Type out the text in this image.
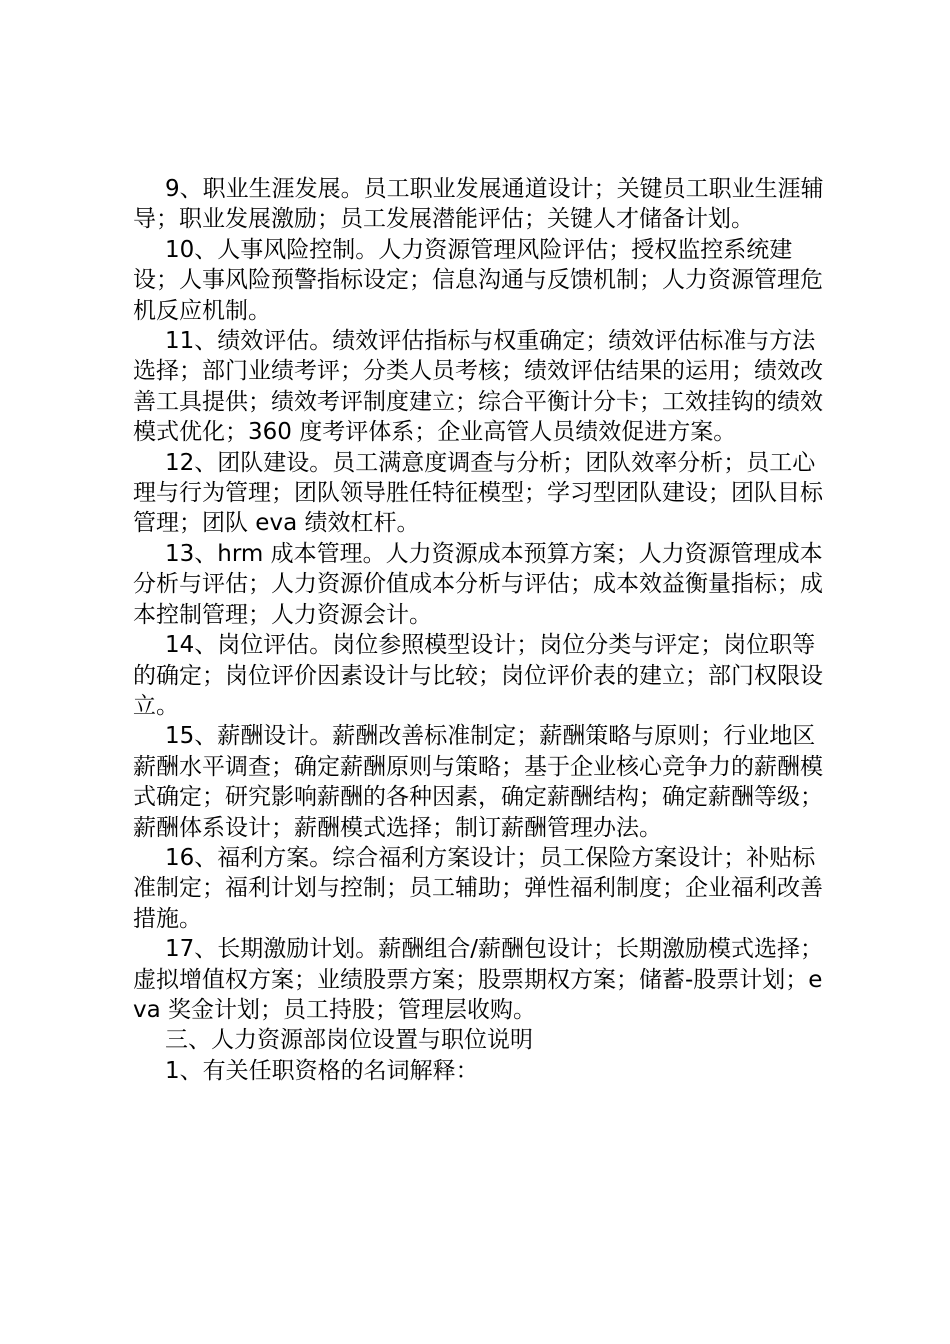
9、职业生涯发展。员工职业发展通道设计；关键员工职业生涯辅导；职业发展激励；员工发展潜能评估；关键人才储备计划。

10、人事风险控制。人力资源管理风险评估；授权监控系统建设；人事风险预警指标设定；信息沟通与反馈机制；人力资源管理危机反应机制。

11、绩效评估。绩效评估指标与权重确定；绩效评估标准与方法选择；部门业绩考评；分类人员考核；绩效评估结果的运用；绩效改善工具提供；绩效考评制度建立；综合平衡计分卡；工效挂钩的绩效模式优化；360 度考评体系；企业高管人员绩效促进方案。

12、团队建设。员工满意度调查与分析；团队效率分析；员工心理与行为管理；团队领导胜任特征模型；学习型团队建设；团队目标管理；团队 eva 绩效杠杆。

13、hrm 成本管理。人力资源成本预算方案；人力资源管理成本分析与评估；人力资源价值成本分析与评估；成本效益衡量指标；成本控制管理；人力资源会计。

14、岗位评估。岗位参照模型设计；岗位分类与评定；岗位职等的确定；岗位评价因素设计与比较；岗位评价表的建立；部门权限设立。

15、薪酬设计。薪酬改善标准制定；薪酬策略与原则；行业地区薪酬水平调查；确定薪酬原则与策略；基于企业核心竞争力的薪酬模式确定；研究影响薪酬的各种因素，确定薪酬结构；确定薪酬等级；薪酬体系设计；薪酬模式选择；制订薪酬管理办法。

16、福利方案。综合福利方案设计；员工保险方案设计；补贴标准制定；福利计划与控制；员工辅助；弹性福利制度；企业福利改善措施。

17、长期激励计划。薪酬组合/薪酬包设计；长期激励模式选择；虚拟增值权方案；业绩股票方案；股票期权方案；储蓄-股票计划；eva 奖金计划；员工持股；管理层收购。

三、人力资源部岗位设置与职位说明

1、有关任职资格的名词解释：
